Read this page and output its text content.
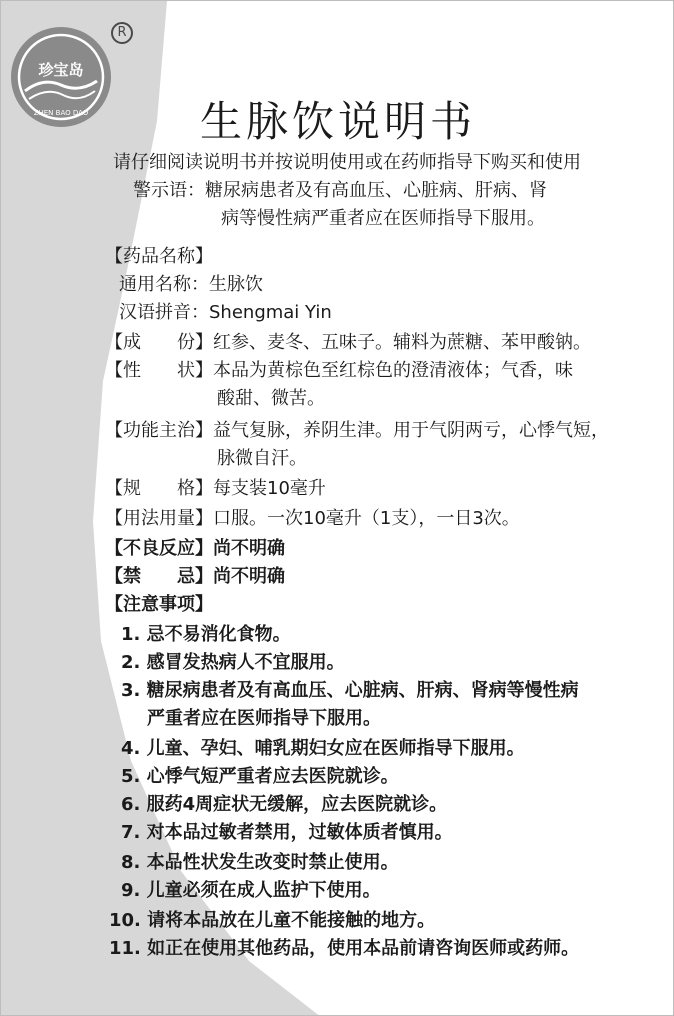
珍宝岛
ZHEN BAO DAO
R
生脉饮说明书
请仔细阅读说明书并按说明使用或在药师指导下购买和使用
警示语：糖尿病患者及有高血压、心脏病、肝病、肾
病等慢性病严重者应在医师指导下服用。
【药品名称】
通用名称：生脉饮
汉语拼音：Shengmai Yin
【成　　份】红参、麦冬、五味子。辅料为蔗糖、苯甲酸钠。
【性　　状】本品为黄棕色至红棕色的澄清液体；气香，味
酸甜、微苦。
【功能主治】益气复脉，养阴生津。用于气阴两亏，心悸气短，
脉微自汗。
【规　　格】每支装10毫升
【用法用量】口服。一次10毫升（1支），一日3次。
【不良反应】尚不明确
【禁　　忌】尚不明确
【注意事项】
1. 忌不易消化食物。
2. 感冒发热病人不宜服用。
3. 糖尿病患者及有高血压、心脏病、肝病、肾病等慢性病
严重者应在医师指导下服用。
4. 儿童、孕妇、哺乳期妇女应在医师指导下服用。
5. 心悸气短严重者应去医院就诊。
6. 服药4周症状无缓解，应去医院就诊。
7. 对本品过敏者禁用，过敏体质者慎用。
8. 本品性状发生改变时禁止使用。
9. 儿童必须在成人监护下使用。
10. 请将本品放在儿童不能接触的地方。
11. 如正在使用其他药品，使用本品前请咨询医师或药师。
